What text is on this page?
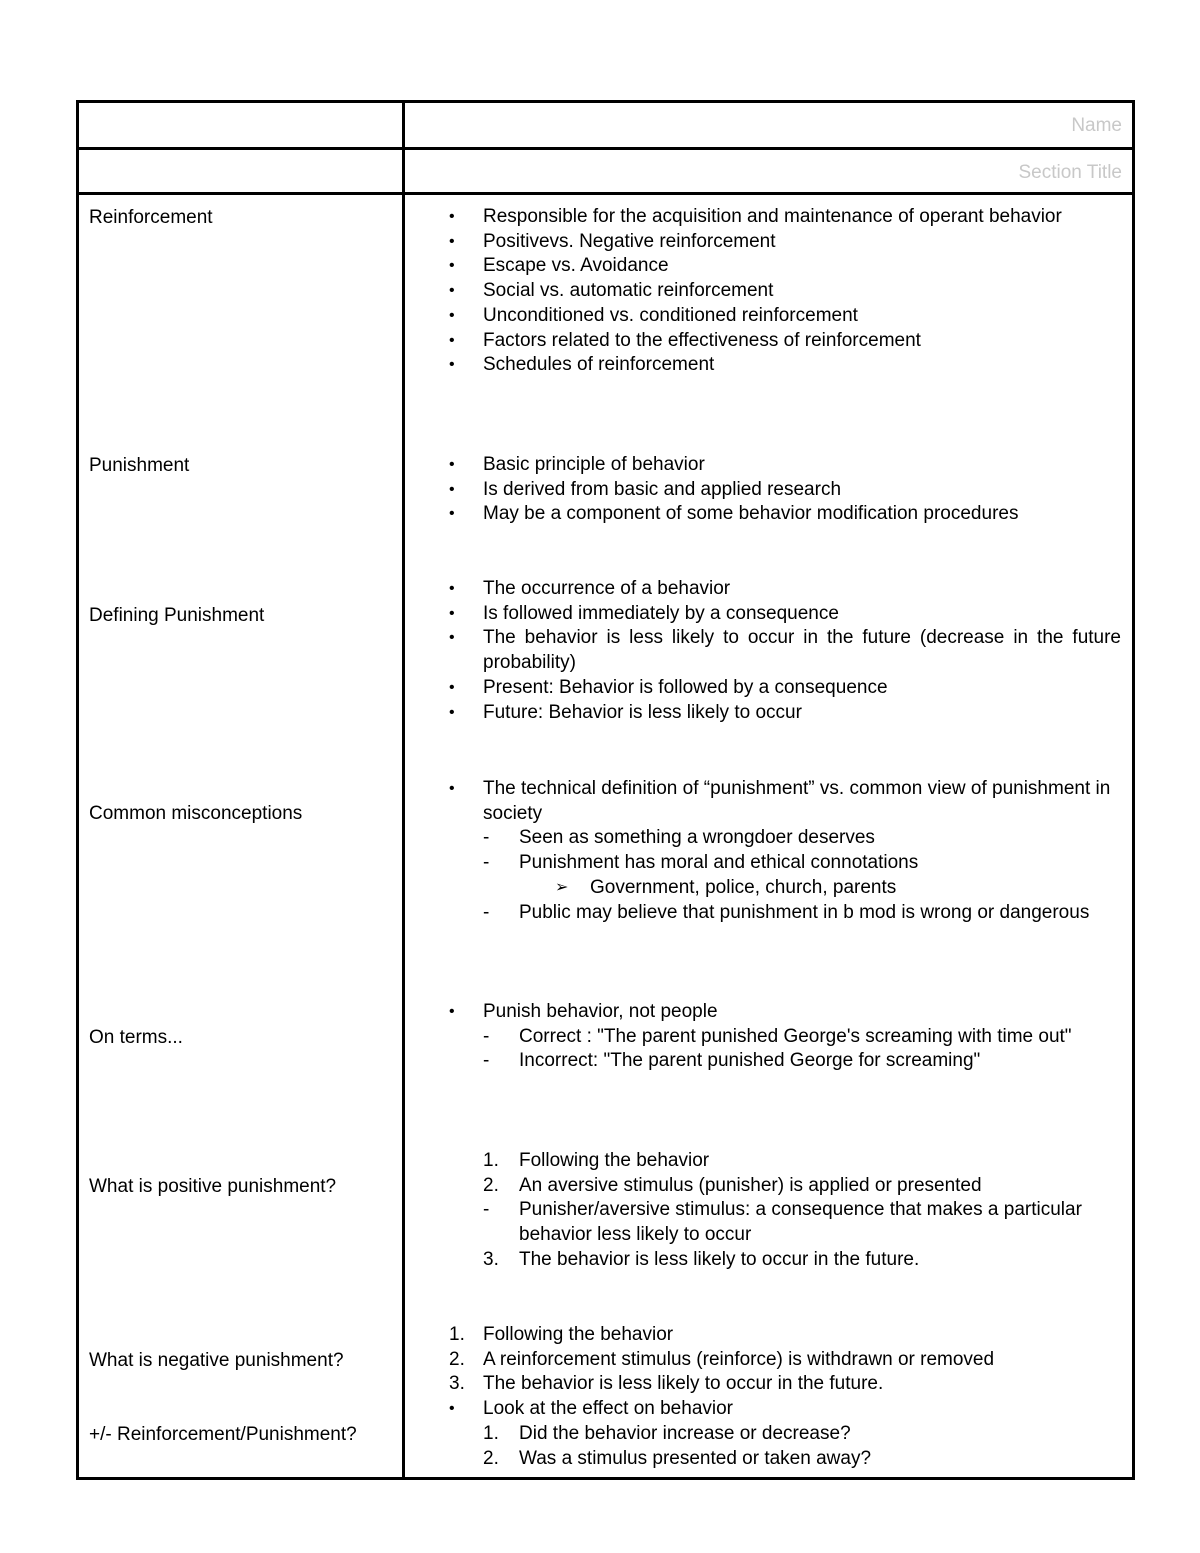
Name
Section Title
Reinforcement
Punishment
Defining Punishment
Common misconceptions
On terms...
What is positive punishment?
What is negative punishment?
+/- Reinforcement/Punishment?
• Responsible for the acquisition and maintenance of operant behavior
• Positivevs. Negative reinforcement
• Escape vs. Avoidance
• Social vs. automatic reinforcement
• Unconditioned vs. conditioned reinforcement
• Factors related to the effectiveness of reinforcement
• Schedules of reinforcement
• Basic principle of behavior
• Is derived from basic and applied research
• May be a component of some behavior modification procedures
• The occurrence of a behavior
• Is followed immediately by a consequence
• The behavior is less likely to occur in the future (decrease in the future probability)
• Present: Behavior is followed by a consequence
• Future: Behavior is less likely to occur
• The technical definition of “punishment” vs. common view of punishment in society
- Seen as something a wrongdoer deserves
- Punishment has moral and ethical connotations
➢ Government, police, church, parents
- Public may believe that punishment in b mod is wrong or dangerous
• Punish behavior, not people
- Correct : "The parent punished George's screaming with time out"
- Incorrect: "The parent punished George for screaming"
1. Following the behavior
2. An aversive stimulus (punisher) is applied or presented
- Punisher/aversive stimulus: a consequence that makes a particular behavior less likely to occur
3. The behavior is less likely to occur in the future.
1. Following the behavior
2. A reinforcement stimulus (reinforce) is withdrawn or removed
3. The behavior is less likely to occur in the future.
• Look at the effect on behavior
1. Did the behavior increase or decrease?
2. Was a stimulus presented or taken away?
